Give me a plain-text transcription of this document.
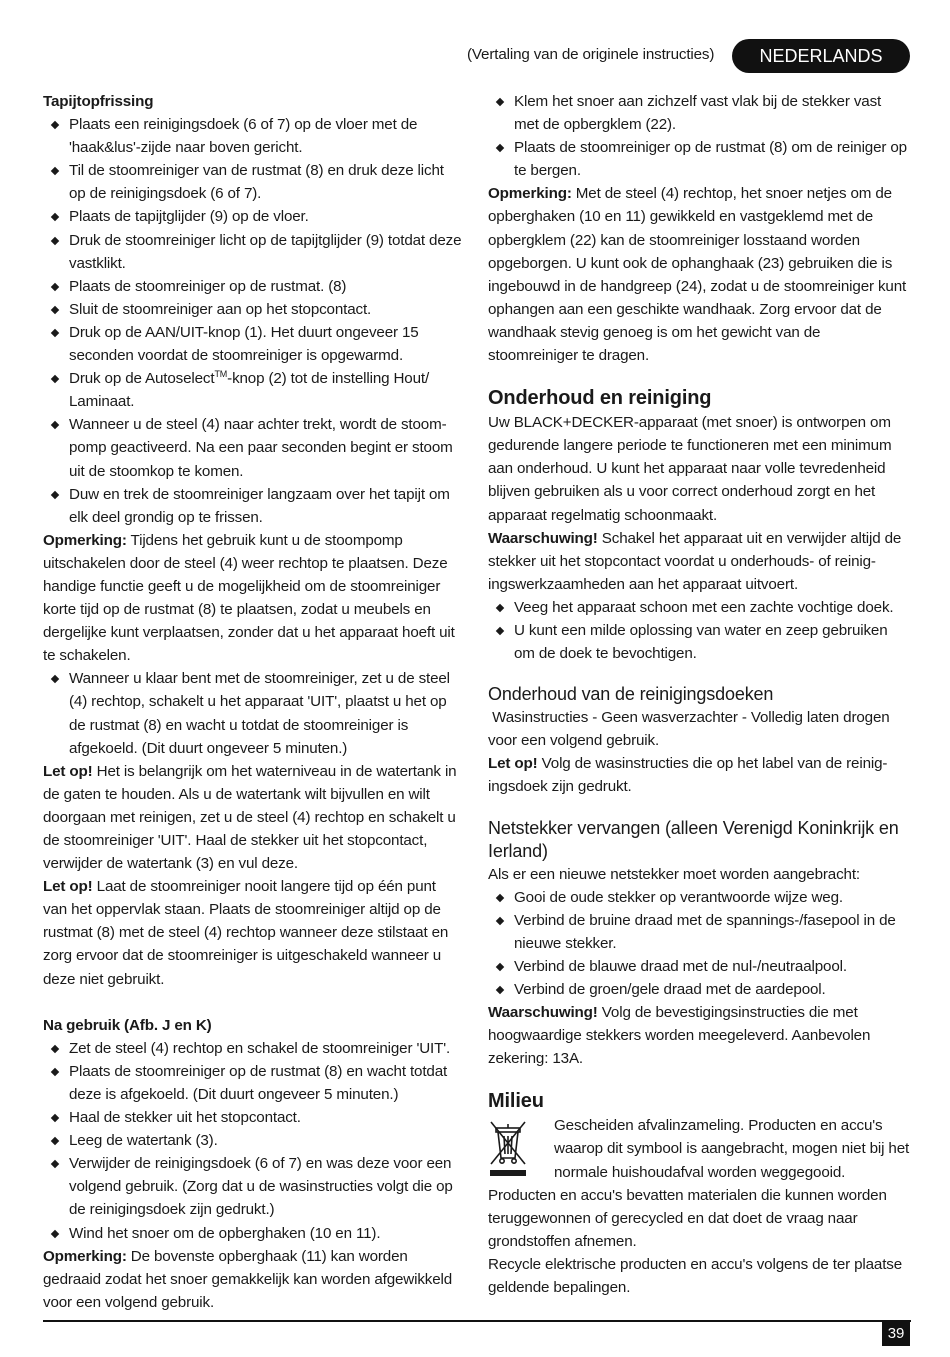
(Vertaling van de originele instructies)	NEDERLANDS

Tapijtopfrissing

Plaats een reinigingsdoek (6 of 7) op de vloer met de 'haak&lus'-zijde naar boven gericht.
Til de stoomreiniger van de rustmat (8) en druk deze licht op de reinigingsdoek (6 of 7).
Plaats de tapijtglijder (9) op de vloer.
Druk de stoomreiniger licht op de tapijtglijder (9) totdat deze vastklikt.
Plaats de stoomreiniger op de rustmat. (8)
Sluit de stoomreiniger aan op het stopcontact.
Druk op de AAN/UIT-knop (1). Het duurt ongeveer 15 seconden voordat de stoomreiniger is opgewarmd.
Druk op de Autoselect™-knop (2) tot de instelling Hout/ Laminaat.
Wanneer u de steel (4) naar achter trekt, wordt de stoom-pomp geactiveerd. Na een paar seconden begint er stoom uit de stoomkop te komen.
Duw en trek de stoomreiniger langzaam over het tapijt om elk deel grondig op te frissen.

Opmerking: Tijdens het gebruik kunt u de stoompomp uitschakelen door de steel (4) weer rechtop te plaatsen. Deze handige functie geeft u de mogelijkheid om de stoomreiniger korte tijd op de rustmat (8) te plaatsen, zodat u meubels en dergelijke kunt verplaatsen, zonder dat u het apparaat hoeft uit te schakelen.

Wanneer u klaar bent met de stoomreiniger, zet u de steel (4) rechtop, schakelt u het apparaat 'UIT', plaatst u het op de rustmat (8) en wacht u totdat de stoomreiniger is afgekoeld. (Dit duurt ongeveer 5 minuten.)

Let op! Het is belangrijk om het waterniveau in de watertank in de gaten te houden. Als u de watertank wilt bijvullen en wilt doorgaan met reinigen, zet u de steel (4) rechtop en schakelt u de stoomreiniger 'UIT'. Haal de stekker uit het stopcontact, verwijder de watertank (3) en vul deze.

Let op! Laat de stoomreiniger nooit langere tijd op één punt van het oppervlak staan. Plaats de stoomreiniger altijd op de rustmat (8) met de steel (4) rechtop wanneer deze stilstaat en zorg ervoor dat de stoomreiniger is uitgeschakeld wanneer u deze niet gebruikt.

Na gebruik (Afb. J en K)

Zet de steel (4) rechtop en schakel de stoomreiniger 'UIT'.
Plaats de stoomreiniger op de rustmat (8) en wacht totdat deze is afgekoeld. (Dit duurt ongeveer 5 minuten.)
Haal de stekker uit het stopcontact.
Leeg de watertank (3).
Verwijder de reinigingsdoek (6 of 7) en was deze voor een volgend gebruik. (Zorg dat u de wasinstructies volgt die op de reinigingsdoek zijn gedrukt.)
Wind het snoer om de opberghaken (10 en 11).

Opmerking: De bovenste opberghaak (11) kan worden gedraaid zodat het snoer gemakkelijk kan worden afgewikkeld voor een volgend gebruik.

Klem het snoer aan zichzelf vast vlak bij de stekker vast met de opbergklem (22).
Plaats de stoomreiniger op de rustmat (8) om de reiniger op te bergen.

Opmerking: Met de steel (4) rechtop, het snoer netjes om de opberghaken (10 en 11) gewikkeld en vastgeklemd met de opbergklem (22) kan de stoomreiniger losstaand worden opgeborgen. U kunt ook de ophanghaak (23) gebruiken die is ingebouwd in de handgreep (24), zodat u de stoomreiniger kunt ophangen aan een geschikte wandhaak. Zorg ervoor dat de wandhaak stevig genoeg is om het gewicht van de stoomreiniger te dragen.

Onderhoud en reiniging

Uw BLACK+DECKER-apparaat (met snoer) is ontworpen om gedurende langere periode te functioneren met een minimum aan onderhoud. U kunt het apparaat naar volle tevredenheid blijven gebruiken als u voor correct onderhoud zorgt en het apparaat regelmatig schoonmaakt.

Waarschuwing! Schakel het apparaat uit en verwijder altijd de stekker uit het stopcontact voordat u onderhouds- of reinig-ingswerkzaamheden aan het apparaat uitvoert.

Veeg het apparaat schoon met een zachte vochtige doek.
U kunt een milde oplossing van water en zeep gebruiken om de doek te bevochtigen.
Onderhoud van de reinigingsdoeken

Wasinstructies - Geen wasverzachter - Volledig laten drogen voor een volgend gebruik.

Let op! Volg de wasinstructies die op het label van de reinig-ingsdoek zijn gedrukt.

Netstekker vervangen (alleen Verenigd Koninkrijk en Ierland)

Als er een nieuwe netstekker moet worden aangebracht:

Gooi de oude stekker op verantwoorde wijze weg.
Verbind de bruine draad met de spannings-/fasepool in de nieuwe stekker.
Verbind de blauwe draad met de nul-/neutraalpool.
Verbind de groen/gele draad met de aardepool.

Waarschuwing! Volg de bevestigingsinstructies die met hoogwaardige stekkers worden meegeleverd. Aanbevolen zekering: 13A.

Milieu

Gescheiden afvalinzameling. Producten en accu's waarop dit symbool is aangebracht, mogen niet bij het normale huishoudafval worden weggegooid.

Producten en accu's bevatten materialen die kunnen worden teruggewonnen of gerecycled en dat doet de vraag naar grondstoffen afnemen.

Recycle elektrische producten en accu's volgens de ter plaatse geldende bepalingen.

39
